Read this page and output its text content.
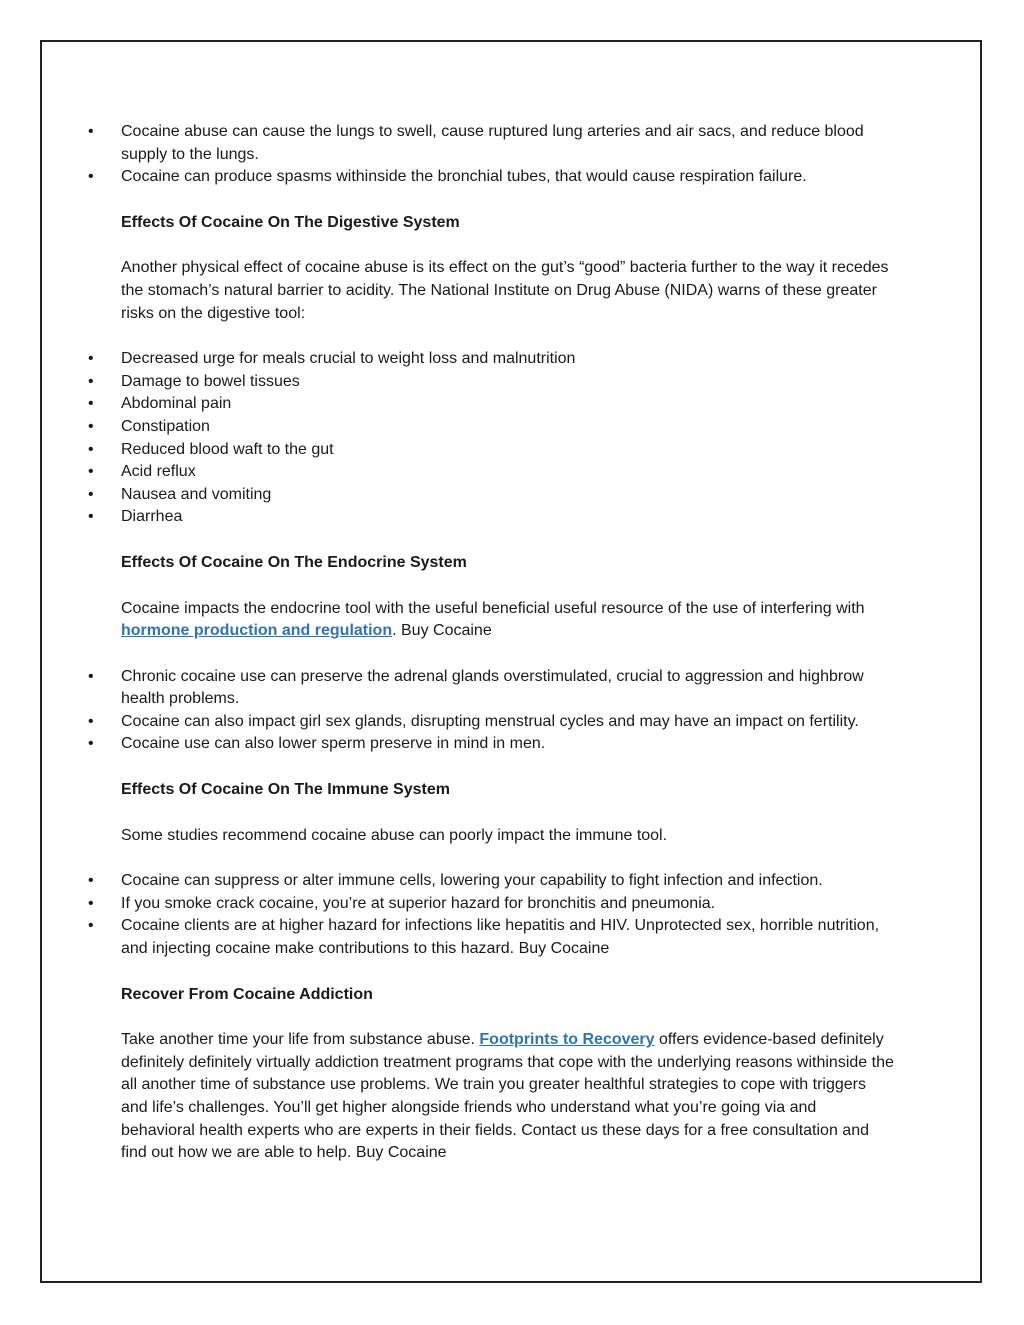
• Cocaine abuse can cause the lungs to swell, cause ruptured lung arteries and air sacs, and reduce blood supply to the lungs.
• Cocaine can produce spasms withinside the bronchial tubes, that would cause respiration failure.

Effects Of Cocaine On The Digestive System

Another physical effect of cocaine abuse is its effect on the gut’s “good” bacteria further to the way it recedes the stomach’s natural barrier to acidity. The National Institute on Drug Abuse (NIDA) warns of these greater risks on the digestive tool:

• Decreased urge for meals crucial to weight loss and malnutrition
• Damage to bowel tissues
• Abdominal pain
• Constipation
• Reduced blood waft to the gut
• Acid reflux
• Nausea and vomiting
• Diarrhea

Effects Of Cocaine On The Endocrine System

Cocaine impacts the endocrine tool with the useful beneficial useful resource of the use of interfering with hormone production and regulation. Buy Cocaine

• Chronic cocaine use can preserve the adrenal glands overstimulated, crucial to aggression and highbrow health problems.
• Cocaine can also impact girl sex glands, disrupting menstrual cycles and may have an impact on fertility.
• Cocaine use can also lower sperm preserve in mind in men.

Effects Of Cocaine On The Immune System

Some studies recommend cocaine abuse can poorly impact the immune tool.

• Cocaine can suppress or alter immune cells, lowering your capability to fight infection and infection.
• If you smoke crack cocaine, you’re at superior hazard for bronchitis and pneumonia.
• Cocaine clients are at higher hazard for infections like hepatitis and HIV. Unprotected sex, horrible nutrition, and injecting cocaine make contributions to this hazard. Buy Cocaine

Recover From Cocaine Addiction

Take another time your life from substance abuse. Footprints to Recovery offers evidence-based definitely definitely definitely virtually addiction treatment programs that cope with the underlying reasons withinside the all another time of substance use problems. We train you greater healthful strategies to cope with triggers and life’s challenges. You’ll get higher alongside friends who understand what you’re going via and behavioral health experts who are experts in their fields. Contact us these days for a free consultation and find out how we are able to help. Buy Cocaine
